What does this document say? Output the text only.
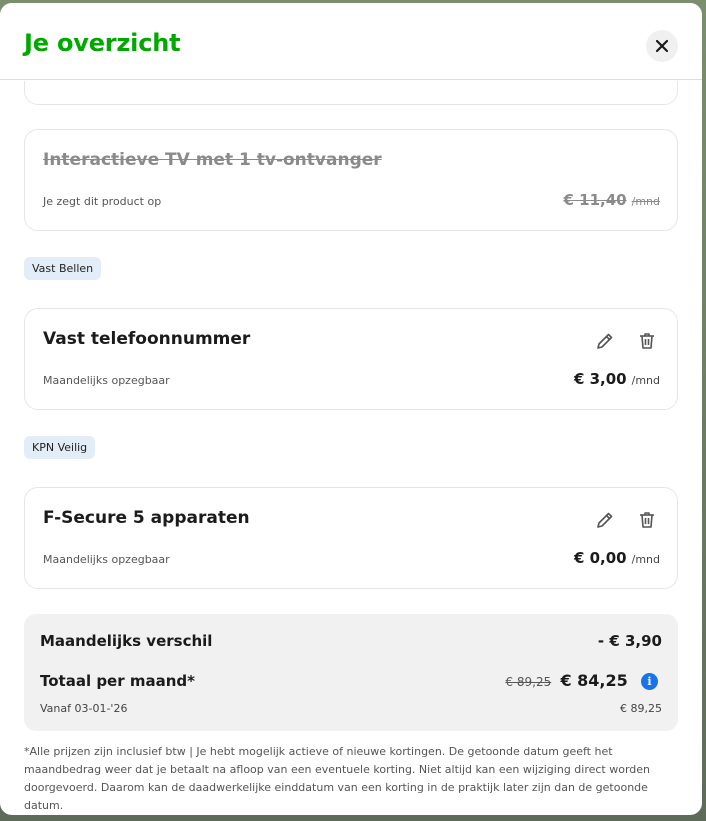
Je overzicht
Interactieve TV met 1 tv-ontvanger
Je zegt dit product op	€ 11,40 /mnd
Vast Bellen
Vast telefoonnummer
Maandelijks opzegbaar	€ 3,00 /mnd
KPN Veilig
F-Secure 5 apparaten
Maandelijks opzegbaar	€ 0,00 /mnd
Maandelijks verschil	- € 3,90
Totaal per maand*	€ 89,25 € 84,25 i
Vanaf 03-01-'26	€ 89,25
*Alle prijzen zijn inclusief btw | Je hebt mogelijk actieve of nieuwe kortingen. De getoonde datum geeft het maandbedrag weer dat je betaalt na afloop van een eventuele korting. Niet altijd kan een wijziging direct worden doorgevoerd. Daarom kan de daadwerkelijke einddatum van een korting in de praktijk later zijn dan de getoonde datum.
